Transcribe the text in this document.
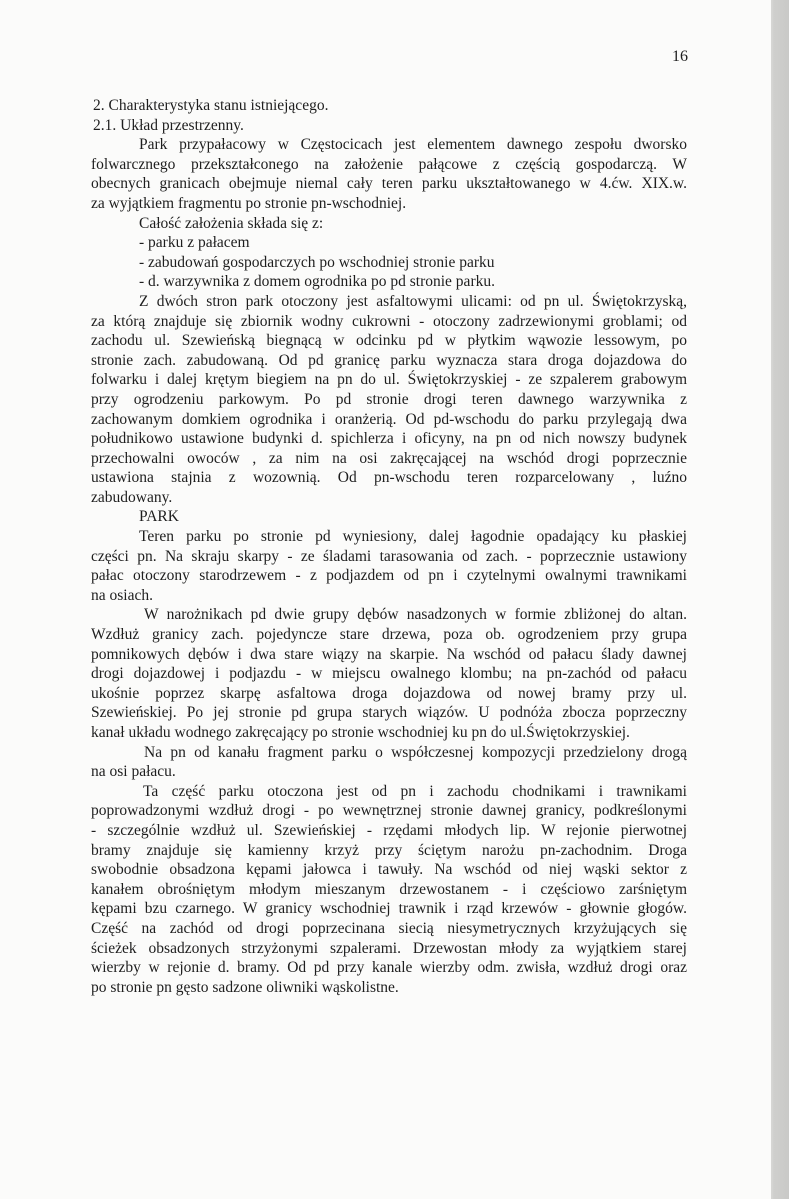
16
2. Charakterystyka stanu istniejącego.
2.1. Układ przestrzenny.
Park przypałacowy w Częstocicach jest elementem dawnego zespołu dworsko
folwarcznego przekształconego na założenie pałącowe z częścią gospodarczą. W
obecnych granicach obejmuje niemal cały teren parku ukształtowanego w 4.ćw. XIX.w.
za wyjątkiem fragmentu po stronie pn-wschodniej.
Całość założenia składa się z:
- parku z pałacem
- zabudowań gospodarczych po wschodniej stronie parku
- d. warzywnika z domem ogrodnika po pd stronie parku.
Z dwóch stron park otoczony jest asfaltowymi ulicami: od pn ul. Świętokrzyską,
za którą znajduje się zbiornik wodny cukrowni - otoczony zadrzewionymi groblami; od
zachodu ul. Szewieńską biegnącą w odcinku pd w płytkim wąwozie lessowym, po
stronie zach. zabudowaną. Od pd granicę parku wyznacza stara droga dojazdowa do
folwarku i dalej krętym biegiem na pn do ul. Świętokrzyskiej - ze szpalerem grabowym
przy ogrodzeniu parkowym. Po pd stronie drogi teren dawnego warzywnika z
zachowanym domkiem ogrodnika i oranżerią. Od pd-wschodu do parku przylegają dwa
południkowo ustawione budynki d. spichlerza i oficyny, na pn od nich nowszy budynek
przechowalni owoców , za nim na osi zakręcającej na wschód drogi poprzecznie
ustawiona stajnia z wozownią. Od pn-wschodu teren rozparcelowany , luźno
zabudowany.
PARK
Teren parku po stronie pd wyniesiony, dalej łagodnie opadający ku płaskiej
części pn. Na skraju skarpy - ze śladami tarasowania od zach. - poprzecznie ustawiony
pałac otoczony starodrzewem - z podjazdem od pn i czytelnymi owalnymi trawnikami
na osiach.
W narożnikach pd dwie grupy dębów nasadzonych w formie zbliżonej do altan.
Wzdłuż granicy zach. pojedyncze stare drzewa, poza ob. ogrodzeniem przy grupa
pomnikowych dębów i dwa stare wiązy na skarpie. Na wschód od pałacu ślady dawnej
drogi dojazdowej i podjazdu - w miejscu owalnego klombu; na pn-zachód od pałacu
ukośnie poprzez skarpę asfaltowa droga dojazdowa od nowej bramy przy ul.
Szewieńskiej. Po jej stronie pd grupa starych wiązów. U podnóża zbocza poprzeczny
kanał układu wodnego zakręcający po stronie wschodniej ku pn do ul.Świętokrzyskiej.
Na pn od kanału fragment parku o współczesnej kompozycji przedzielony drogą
na osi pałacu.
Ta część parku otoczona jest od pn i zachodu chodnikami i trawnikami
poprowadzonymi wzdłuż drogi - po wewnętrznej stronie dawnej granicy, podkreślonymi
- szczególnie wzdłuż ul. Szewieńskiej - rzędami młodych lip. W rejonie pierwotnej
bramy znajduje się kamienny krzyż przy ściętym narożu pn-zachodnim. Droga
swobodnie obsadzona kępami jałowca i tawuły. Na wschód od niej wąski sektor z
kanałem obrośniętym młodym mieszanym drzewostanem - i częściowo zarśniętym
kępami bzu czarnego. W granicy wschodniej trawnik i rząd krzewów - głownie głogów.
Część na zachód od drogi poprzecinana siecią niesymetrycznych krzyżujących się
ścieżek obsadzonych strzyżonymi szpalerami. Drzewostan młody za wyjątkiem starej
wierzby w rejonie d. bramy. Od pd przy kanale wierzby odm. zwisła, wzdłuż drogi oraz
po stronie pn gęsto sadzone oliwniki wąskolistne.
